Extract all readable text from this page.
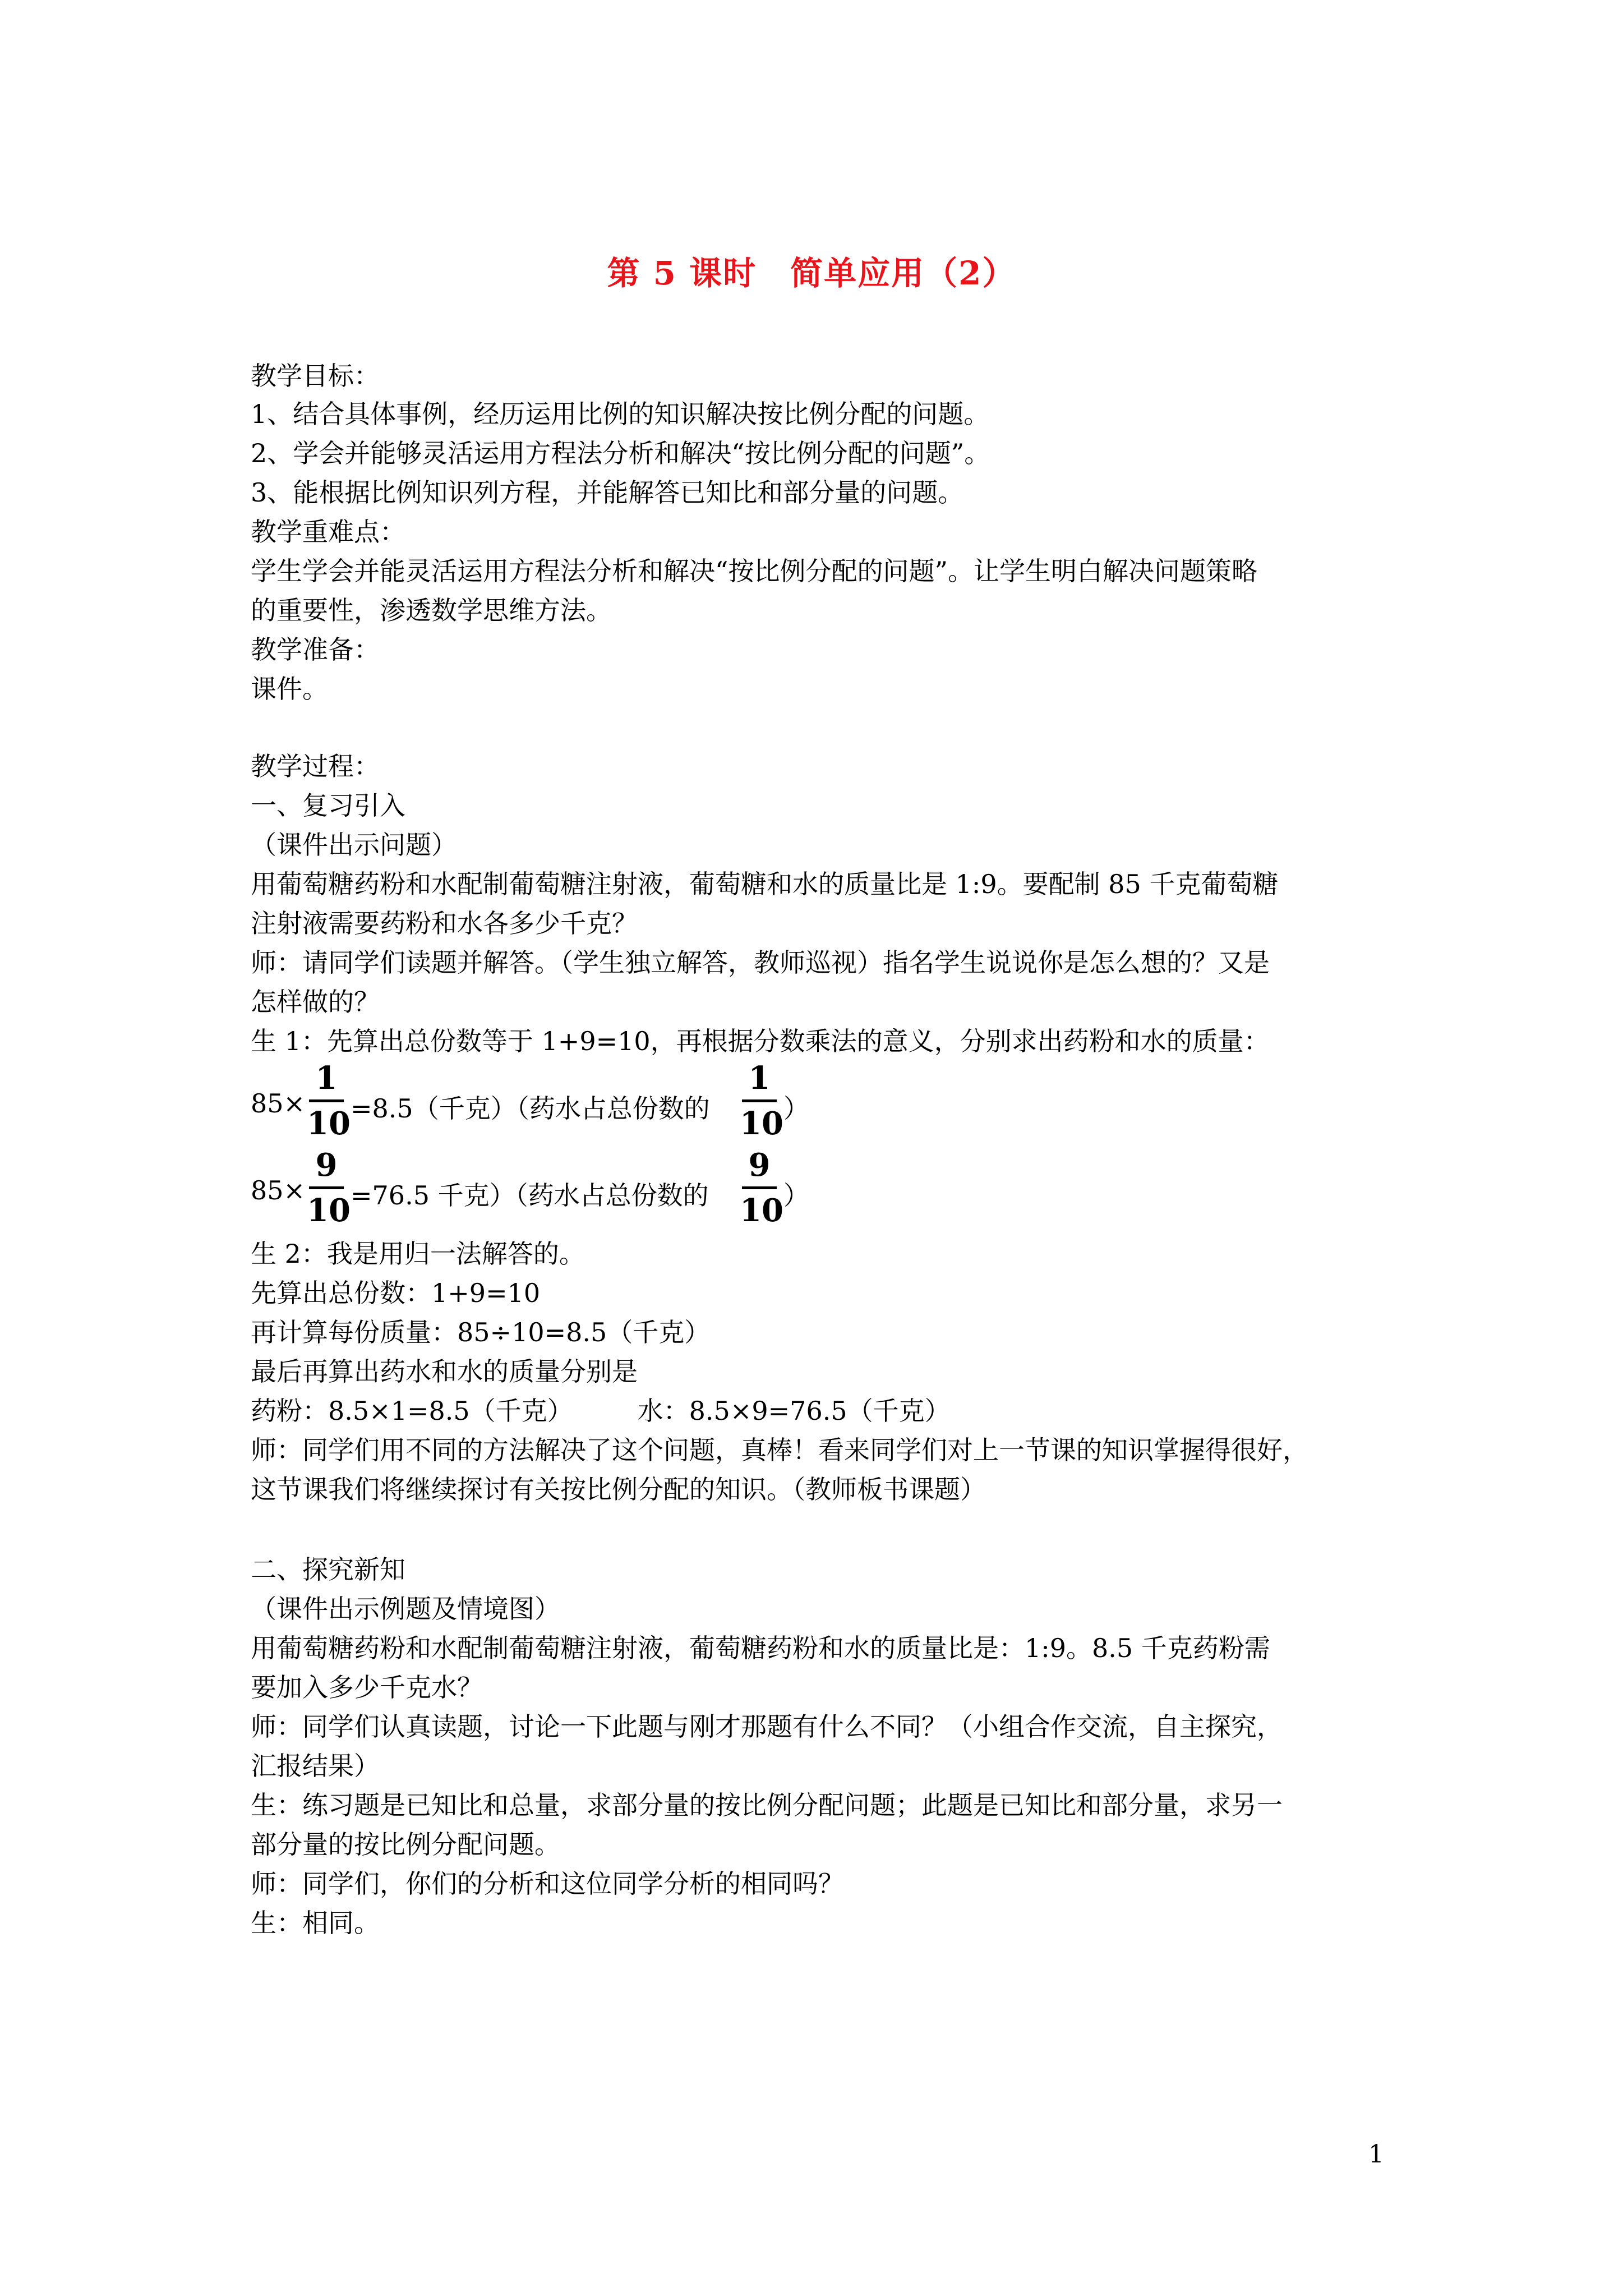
第 5 课时　简单应用（2）
教学目标：
1、结合具体事例，经历运用比例的知识解决按比例分配的问题。
2、学会并能够灵活运用方程法分析和解决“按比例分配的问题”。
3、能根据比例知识列方程，并能解答已知比和部分量的问题。
教学重难点：
学生学会并能灵活运用方程法分析和解决“按比例分配的问题”。让学生明白解决问题策略
的重要性，渗透数学思维方法。
教学准备：
课件。
教学过程：
一、复习引入
（课件出示问题）
用葡萄糖药粉和水配制葡萄糖注射液，葡萄糖和水的质量比是 1:9。要配制 85 千克葡萄糖
注射液需要药粉和水各多少千克？
师：请同学们读题并解答。（学生独立解答，教师巡视）指名学生说说你是怎么想的？又是
怎样做的？
生 1：先算出总份数等于 1+9=10，再根据分数乘法的意义，分别求出药粉和水的质量：
85×
1
10 =8.5（千克）（药水占总份数的
1
10 ）
85×
9
10 =76.5 千克）（药水占总份数的
9
10 ）
生 2：我是用归一法解答的。
先算出总份数：1+9=10
再计算每份质量：85÷10=8.5（千克）
最后再算出药水和水的质量分别是
药粉：8.5×1=8.5（千克）　　　水：8.5×9=76.5（千克）
师：同学们用不同的方法解决了这个问题，真棒！看来同学们对上一节课的知识掌握得很好，
这节课我们将继续探讨有关按比例分配的知识。（教师板书课题）
二、探究新知
（课件出示例题及情境图）
用葡萄糖药粉和水配制葡萄糖注射液，葡萄糖药粉和水的质量比是：1:9。8.5 千克药粉需
要加入多少千克水？
师：同学们认真读题，讨论一下此题与刚才那题有什么不同？（小组合作交流，自主探究，
汇报结果）
生：练习题是已知比和总量，求部分量的按比例分配问题；此题是已知比和部分量，求另一
部分量的按比例分配问题。
师：同学们，你们的分析和这位同学分析的相同吗？
生：相同。
1
